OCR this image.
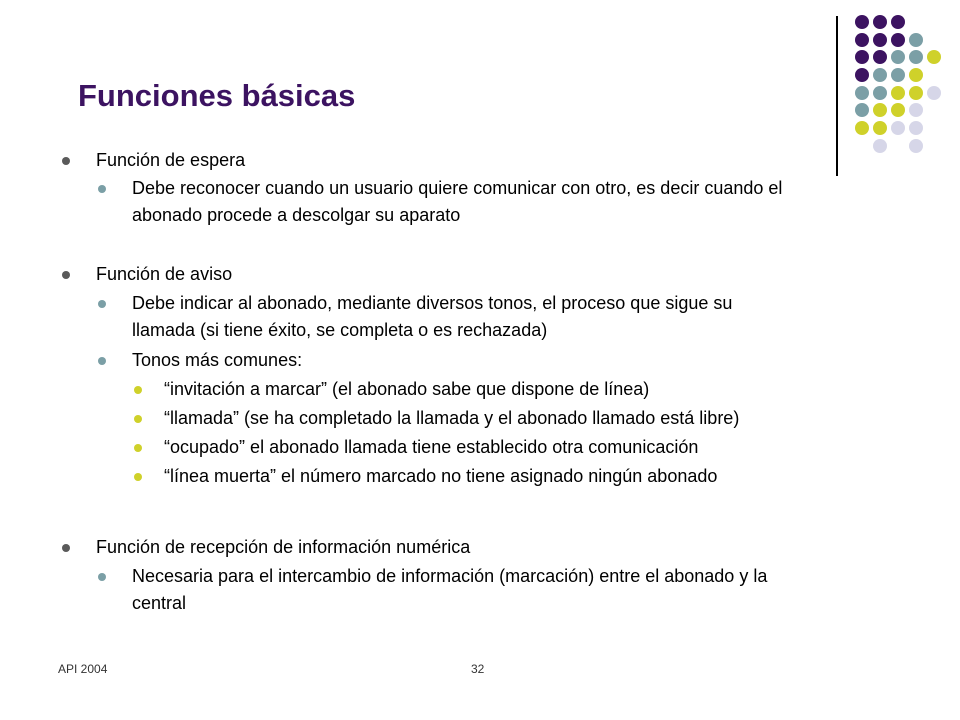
Funciones básicas
Función de espera
Debe reconocer cuando un usuario quiere comunicar con otro, es decir cuando el
abonado procede a descolgar su aparato
Función de aviso
Debe indicar al abonado, mediante diversos tonos, el proceso que sigue su
llamada (si tiene éxito, se completa o es rechazada)
Tonos más comunes:
“invitación a marcar” (el abonado sabe que dispone de línea)
“llamada” (se ha completado la llamada y el abonado llamado está libre)
“ocupado” el abonado llamada tiene establecido otra comunicación
“línea muerta” el número marcado no tiene asignado ningún abonado
Función de recepción de información numérica
Necesaria para el intercambio de información (marcación) entre el abonado y la
central
API 2004	32
